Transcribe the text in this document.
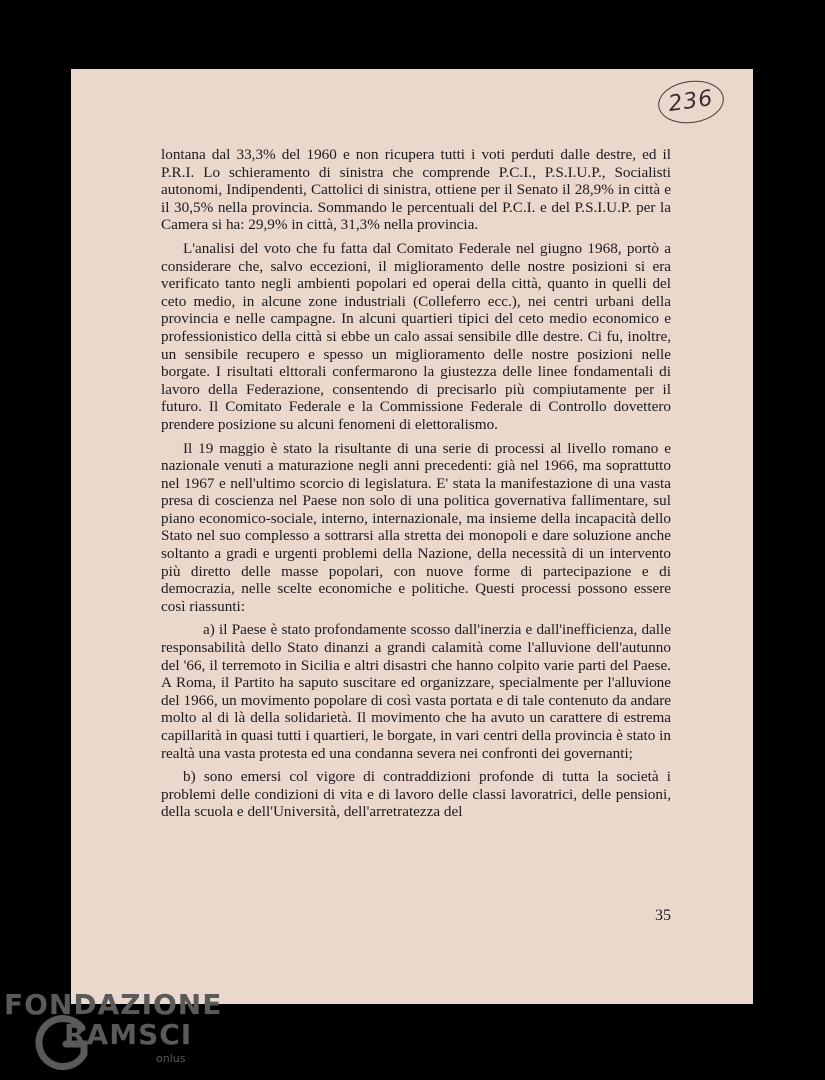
236

lontana dal 33,3% del 1960 e non ricupera tutti i voti perduti dalle destre, ed il P.R.I. Lo schieramento di sinistra che comprende P.C.I., P.S.I.U.P., Socialisti autonomi, Indipendenti, Cattolici di sinistra, ottiene per il Senato il 28,9% in città e il 30,5% nella provincia. Sommando le percentuali del P.C.I. e del P.S.I.U.P. per la Camera si ha: 29,9% in città, 31,3% nella provincia.

L'analisi del voto che fu fatta dal Comitato Federale nel giugno 1968, portò a considerare che, salvo eccezioni, il miglioramento delle nostre posizioni si era verificato tanto negli ambienti popolari ed operai della città, quanto in quelli del ceto medio, in alcune zone industriali (Colleferro ecc.), nei centri urbani della provincia e nelle campagne. In alcuni quartieri tipici del ceto medio economico e professionistico della città si ebbe un calo assai sensibile dlle destre. Ci fu, inoltre, un sensibile recupero e spesso un miglioramento delle nostre posizioni nelle borgate. I risultati elttorali confermarono la giustezza delle linee fondamentali di lavoro della Federazione, consentendo di precisarlo più compiutamente per il futuro. Il Comitato Federale e la Commissione Federale di Controllo dovettero prendere posizione su alcuni fenomeni di elettoralismo.

Il 19 maggio è stato la risultante di una serie di processi al livello romano e nazionale venuti a maturazione negli anni precedenti: già nel 1966, ma soprattutto nel 1967 e nell'ultimo scorcio di legislatura. E' stata la manifestazione di una vasta presa di coscienza nel Paese non solo di una politica governativa fallimentare, sul piano economico-sociale, interno, internazionale, ma insieme della incapacità dello Stato nel suo complesso a sottrarsi alla stretta dei monopoli e dare soluzione anche soltanto a gradi e urgenti problemi della Nazione, della necessità di un intervento più diretto delle masse popolari, con nuove forme di partecipazione e di democrazia, nelle scelte economiche e politiche. Questi processi possono essere così riassunti:

a) il Paese è stato profondamente scosso dall'inerzia e dall'inefficienza, dalle responsabilità dello Stato dinanzi a grandi calamità come l'alluvione dell'autunno del '66, il terremoto in Sicilia e altri disastri che hanno colpito varie parti del Paese. A Roma, il Partito ha saputo suscitare ed organizzare, specialmente per l'alluvione del 1966, un movimento popolare di così vasta portata e di tale contenuto da andare molto al di là della solidarietà. Il movimento che ha avuto un carattere di estrema capillarità in quasi tutti i quartieri, le borgate, in vari centri della provincia è stato in realtà una vasta protesta ed una condanna severa nei confronti dei governanti;

b) sono emersi col vigore di contraddizioni profonde di tutta la società i problemi delle condizioni di vita e di lavoro delle classi lavoratrici, delle pensioni, della scuola e dell'Università, dell'arretratezza del

35
FONDAZIONE
RAMSCI
onlus
